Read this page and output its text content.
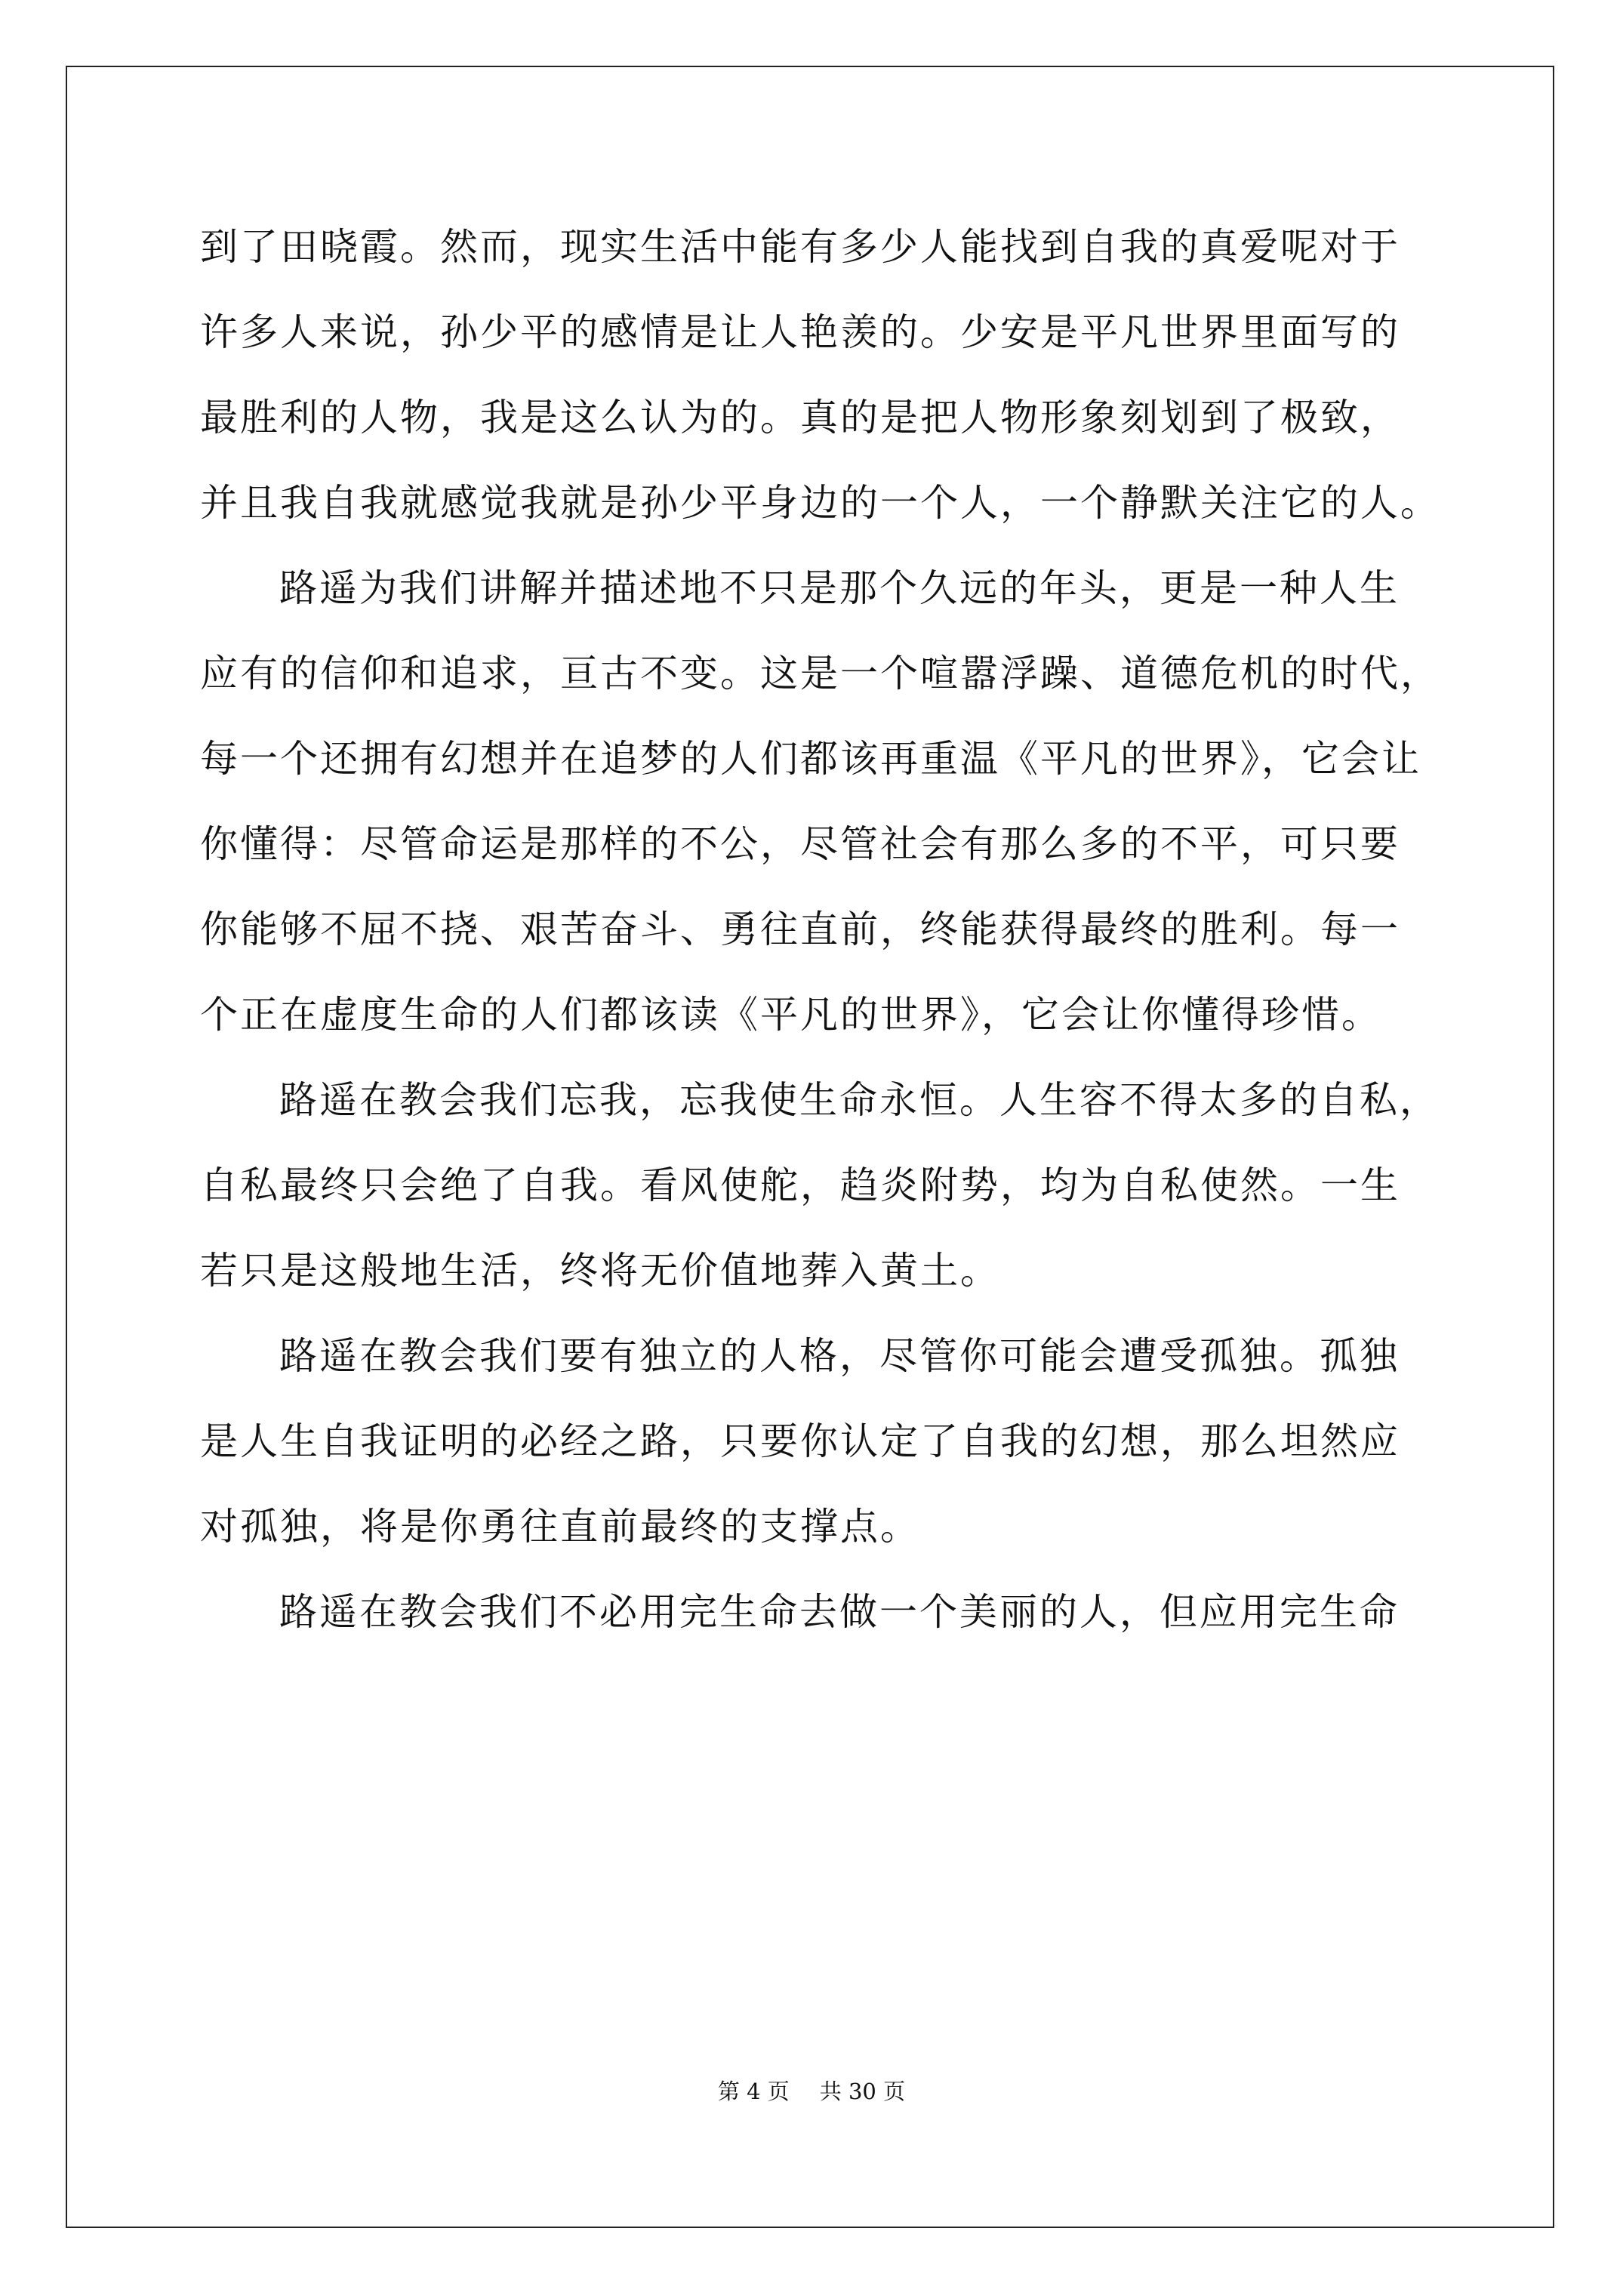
到了田晓霞。然而，现实生活中能有多少人能找到自我的真爱呢对于
许多人来说，孙少平的感情是让人艳羡的。少安是平凡世界里面写的
最胜利的人物，我是这么认为的。真的是把人物形象刻划到了极致，
并且我自我就感觉我就是孙少平身边的一个人，一个静默关注它的人。
路遥为我们讲解并描述地不只是那个久远的年头，更是一种人生
应有的信仰和追求，亘古不变。这是一个喧嚣浮躁、道德危机的时代，
每一个还拥有幻想并在追梦的人们都该再重温《平凡的世界》，它会让
你懂得：尽管命运是那样的不公，尽管社会有那么多的不平，可只要
你能够不屈不挠、艰苦奋斗、勇往直前，终能获得最终的胜利。每一
个正在虚度生命的人们都该读《平凡的世界》，它会让你懂得珍惜。
路遥在教会我们忘我，忘我使生命永恒。人生容不得太多的自私，
自私最终只会绝了自我。看风使舵，趋炎附势，均为自私使然。一生
若只是这般地生活，终将无价值地葬入黄土。
路遥在教会我们要有独立的人格，尽管你可能会遭受孤独。孤独
是人生自我证明的必经之路，只要你认定了自我的幻想，那么坦然应
对孤独，将是你勇往直前最终的支撑点。
路遥在教会我们不必用完生命去做一个美丽的人，但应用完生命
第 4 页 共 30 页
